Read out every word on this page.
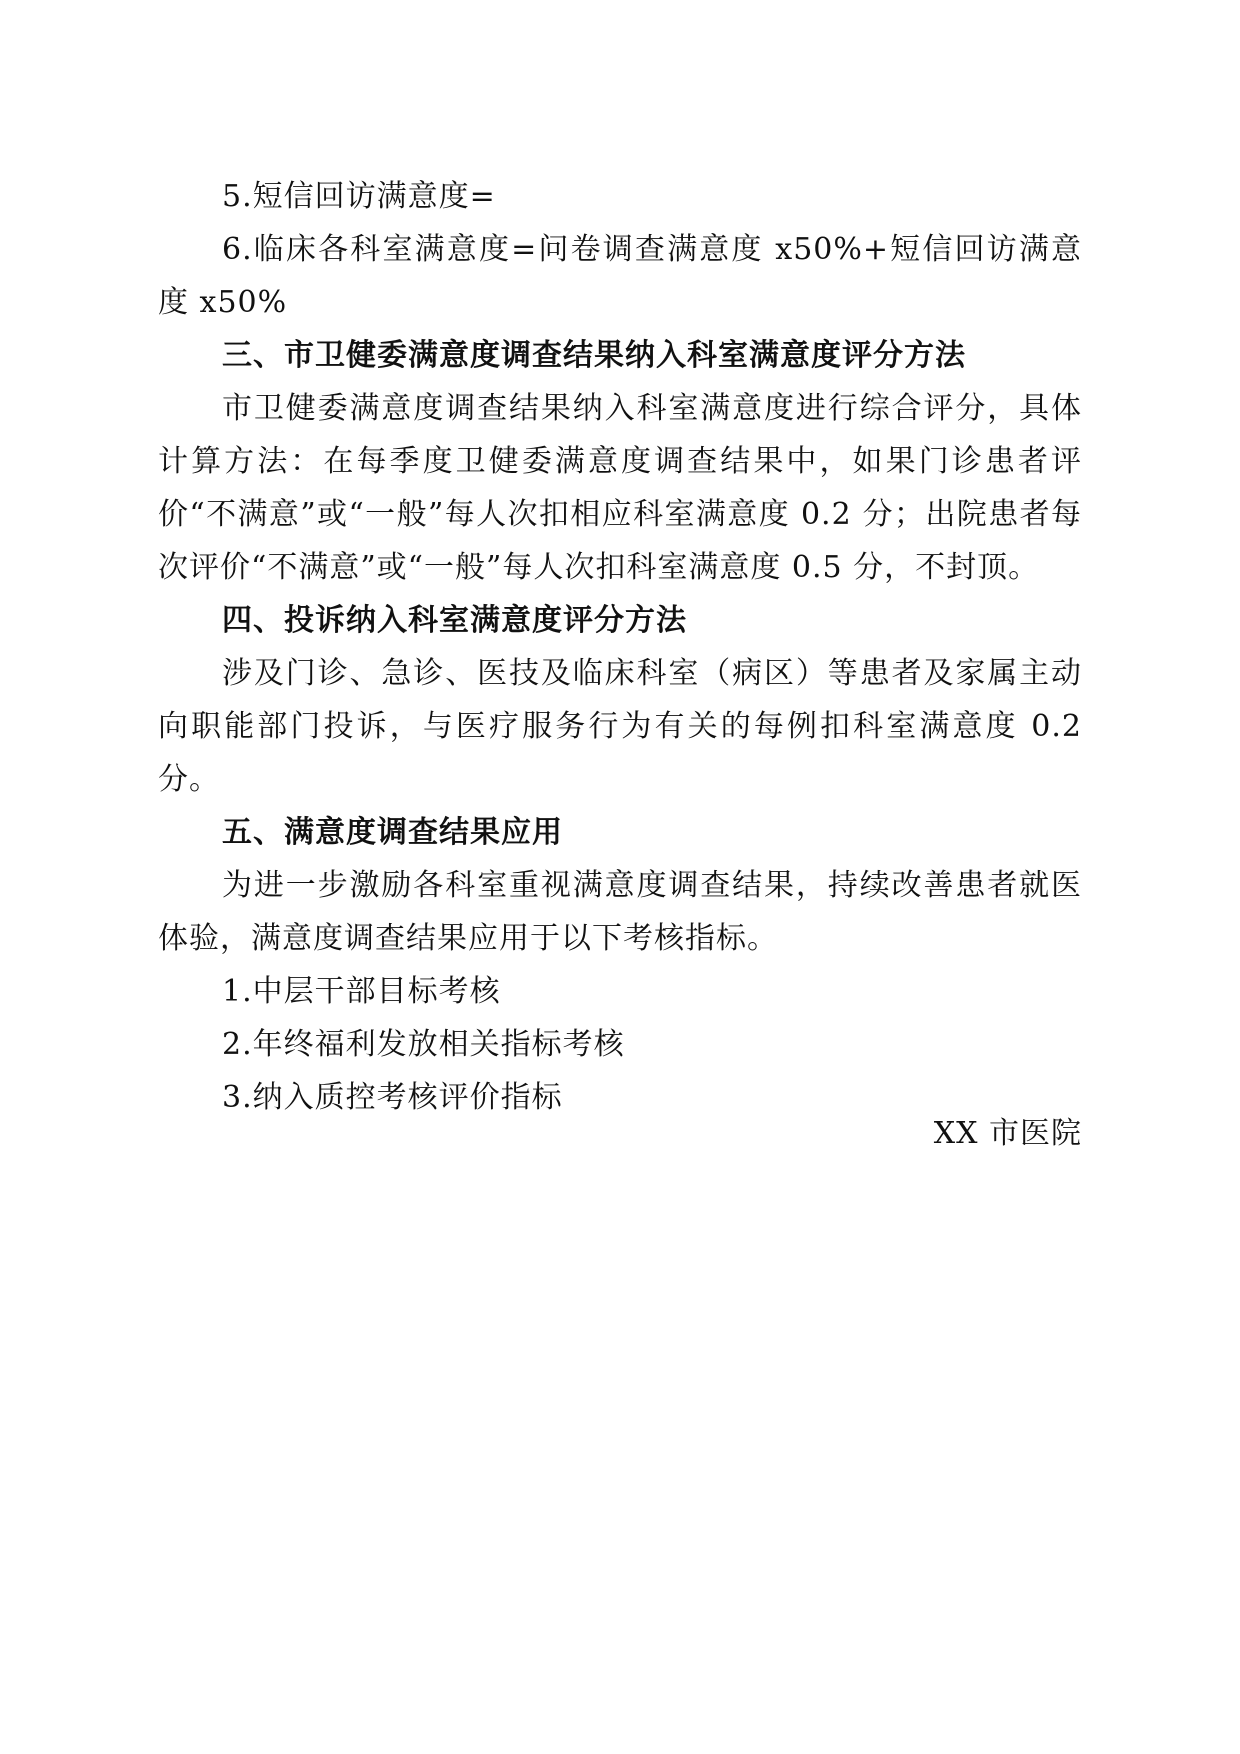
5.短信回访满意度=

6.临床各科室满意度=问卷调查满意度 x50%+短信回访满意度 x50%

三、市卫健委满意度调查结果纳入科室满意度评分方法

市卫健委满意度调查结果纳入科室满意度进行综合评分，具体计算方法：在每季度卫健委满意度调查结果中，如果门诊患者评价“不满意”或“一般”每人次扣相应科室满意度 0.2 分；出院患者每次评价“不满意”或“一般”每人次扣科室满意度 0.5 分，不封顶。

四、投诉纳入科室满意度评分方法

涉及门诊、急诊、医技及临床科室（病区）等患者及家属主动向职能部门投诉，与医疗服务行为有关的每例扣科室满意度 0.2 分。

五、满意度调查结果应用

为进一步激励各科室重视满意度调查结果，持续改善患者就医体验，满意度调查结果应用于以下考核指标。

1.中层干部目标考核

2.年终福利发放相关指标考核

3.纳入质控考核评价指标

XX 市医院
